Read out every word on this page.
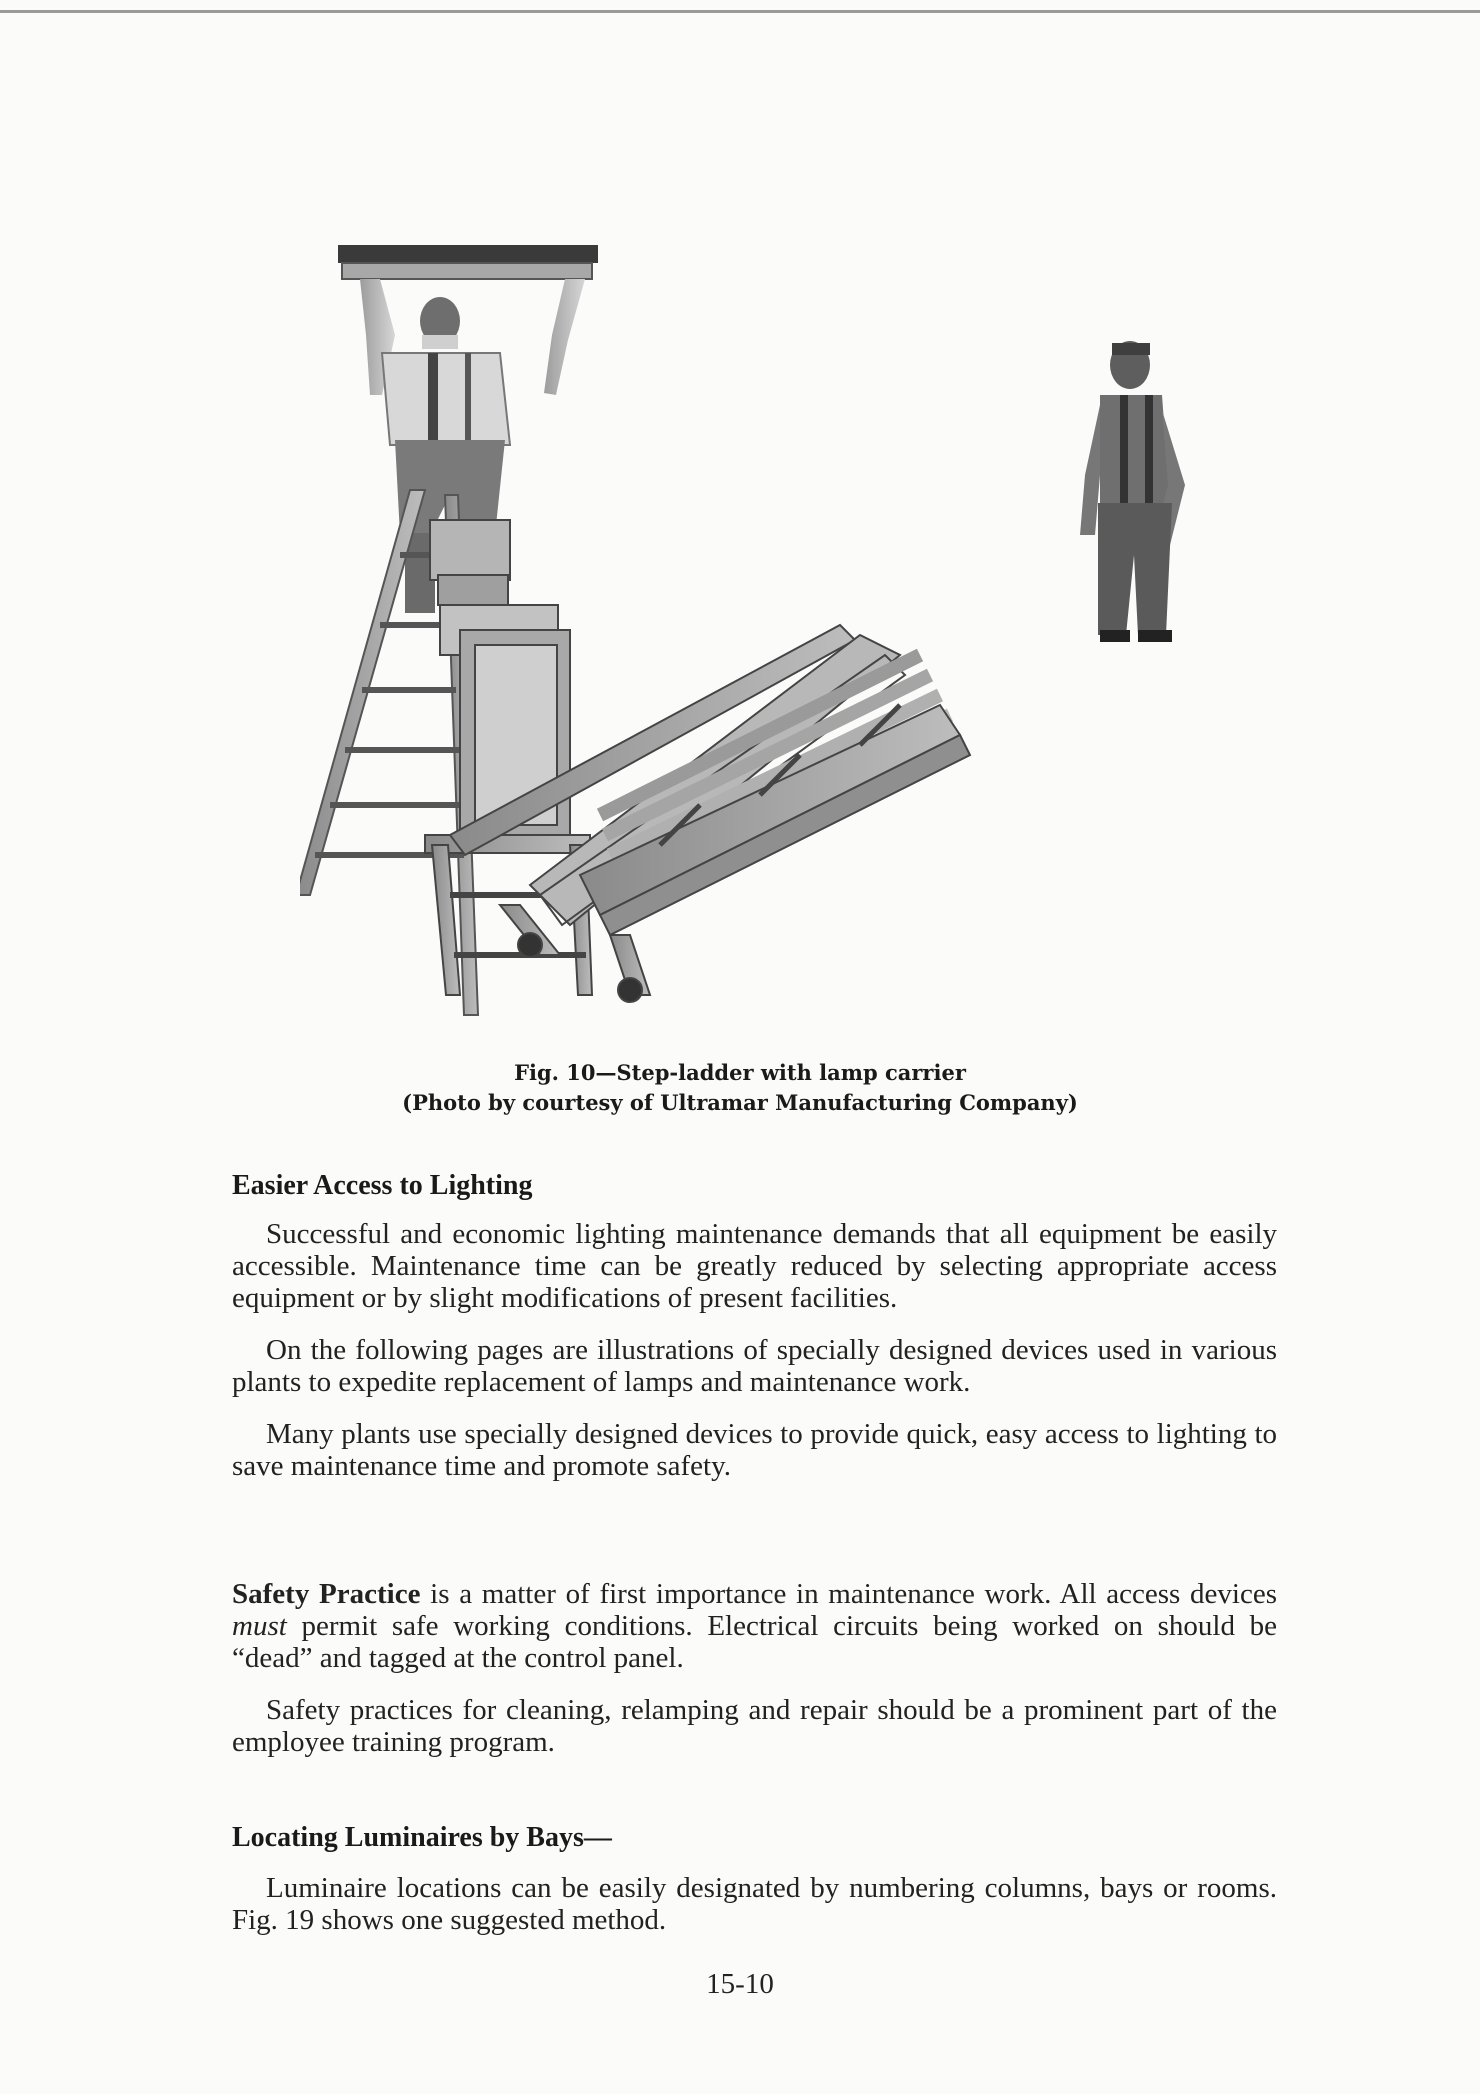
Fig. 10—Step-ladder with lamp carrier
(Photo by courtesy of Ultramar Manufacturing Company)
Easier Access to Lighting

Successful and economic lighting maintenance demands that all equipment be easily accessible. Maintenance time can be greatly reduced by selecting appropriate access equipment or by slight modifications of present facilities.

On the following pages are illustrations of specially designed devices used in various plants to expedite replacement of lamps and maintenance work.

Many plants use specially designed devices to provide quick, easy access to lighting to save maintenance time and promote safety.

Safety Practice is a matter of first importance in maintenance work. All access devices must permit safe working conditions. Electrical circuits being worked on should be “dead” and tagged at the control panel.

Safety practices for cleaning, relamping and repair should be a prominent part of the employee training program.

Locating Luminaires by Bays—

Luminaire locations can be easily designated by numbering columns, bays or rooms. Fig. 19 shows one suggested method.

15-10
